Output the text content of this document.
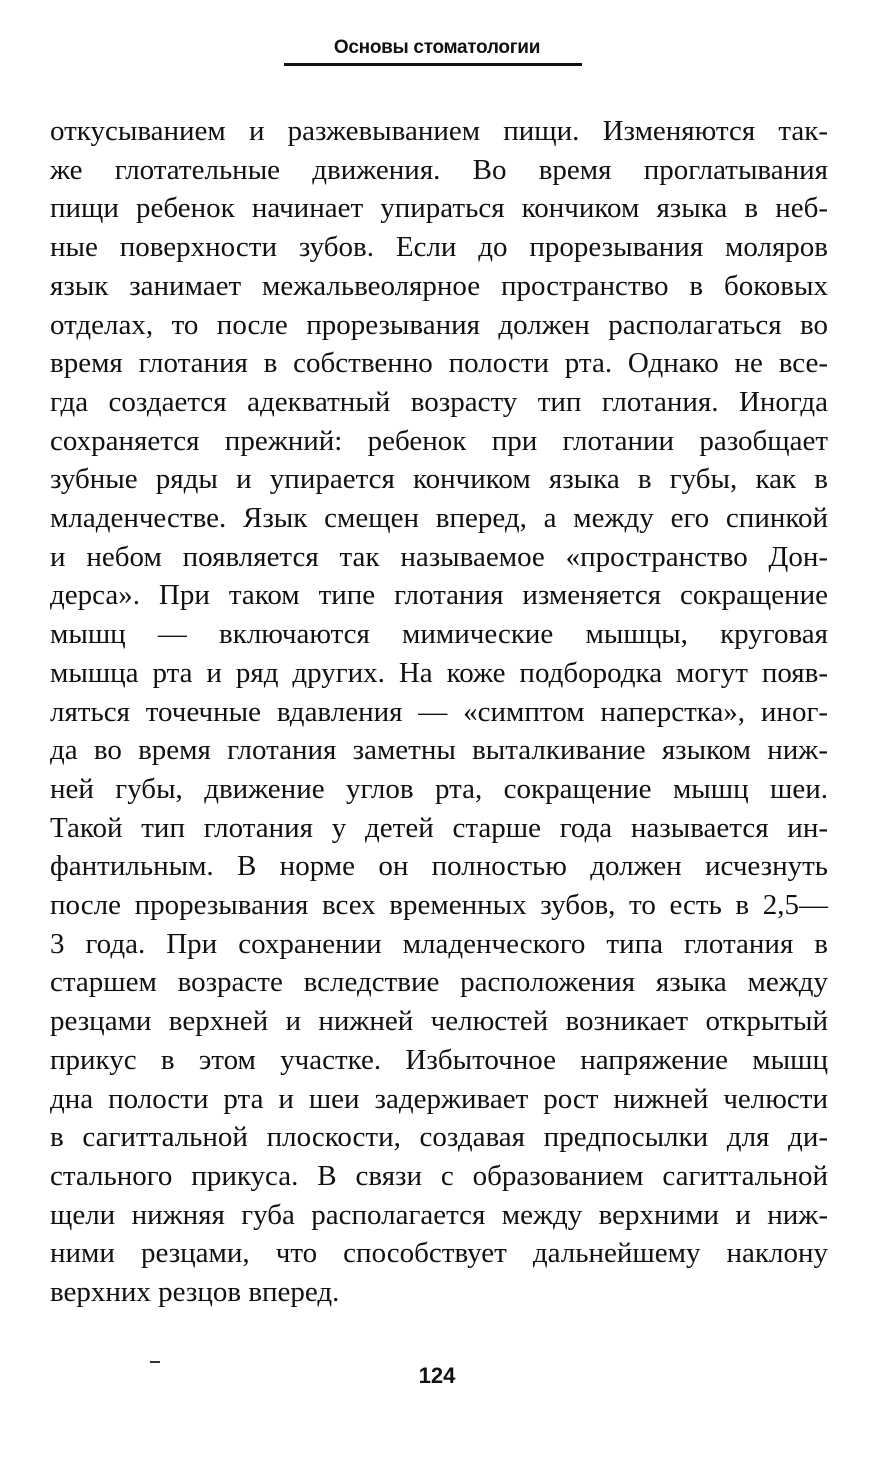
Основы стоматологии
откусыванием и разжевыванием пищи. Изменяются так-
же глотательные движения. Во время проглатывания
пищи ребенок начинает упираться кончиком языка в неб-
ные поверхности зубов. Если до прорезывания моляров
язык занимает межальвеолярное пространство в боковых
отделах, то после прорезывания должен располагаться во
время глотания в собственно полости рта. Однако не все-
гда создается адекватный возрасту тип глотания. Иногда
сохраняется прежний: ребенок при глотании разобщает
зубные ряды и упирается кончиком языка в губы, как в
младенчестве. Язык смещен вперед, а между его спинкой
и небом появляется так называемое «пространство Дон-
дерса». При таком типе глотания изменяется сокращение
мышц — включаются мимические мышцы, круговая
мышца рта и ряд других. На коже подбородка могут появ-
ляться точечные вдавления — «симптом наперстка», иног-
да во время глотания заметны выталкивание языком ниж-
ней губы, движение углов рта, сокращение мышц шеи.
Такой тип глотания у детей старше года называется ин-
фантильным. В норме он полностью должен исчезнуть
после прорезывания всех временных зубов, то есть в 2,5—
3 года. При сохранении младенческого типа глотания в
старшем возрасте вследствие расположения языка между
резцами верхней и нижней челюстей возникает открытый
прикус в этом участке. Избыточное напряжение мышц
дна полости рта и шеи задерживает рост нижней челюсти
в сагиттальной плоскости, создавая предпосылки для ди-
стального прикуса. В связи с образованием сагиттальной
щели нижняя губа располагается между верхними и ниж-
ними резцами, что способствует дальнейшему наклону
верхних резцов вперед.
124
